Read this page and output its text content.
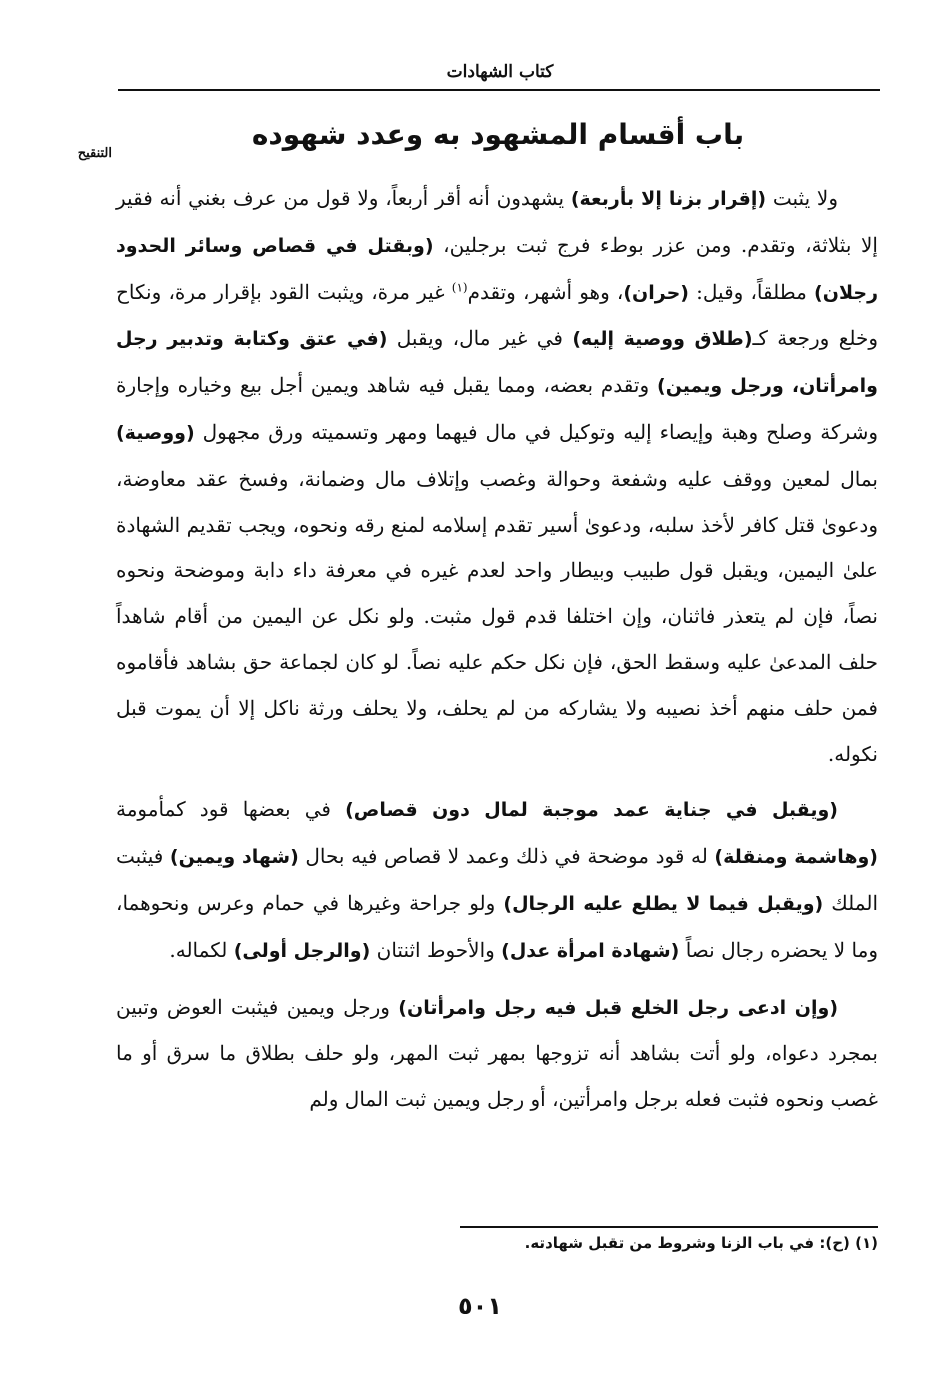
كتاب الشهادات
التنقيح
باب أقسام المشهود به وعدد شهوده

ولا يثبت (إقرار بزنا إلا بأربعة) يشهدون أنه أقر أربعاً، ولا قول من عرف بغني أنه فقير إلا بثلاثة، وتقدم. ومن عزر بوطء فرج ثبت برجلين، (وبقتل في قصاص وسائر الحدود رجلان) مطلقاً، وقيل: (حران)، وهو أشهر، وتقدم$^{(١)}$ غير مرة، ويثبت القود بإقرار مرة، ونكاح وخلع ورجعة كـ(طلاق ووصية إليه) في غير مال، ويقبل (في عتق وكتابة وتدبير رجل وامرأتان، ورجل ويمين) وتقدم بعضه، ومما يقبل فيه شاهد ويمين أجل بيع وخياره وإجارة وشركة وصلح وهبة وإيصاء إليه وتوكيل في مال فيهما ومهر وتسميته ورق مجهول (ووصية) بمال لمعين ووقف عليه وشفعة وحوالة وغصب وإتلاف مال وضمانة، وفسخ عقد معاوضة، ودعوىٰ قتل كافر لأخذ سلبه، ودعوىٰ أسير تقدم إسلامه لمنع رقه ونحوه، ويجب تقديم الشهادة علىٰ اليمين، ويقبل قول طبيب وبيطار واحد لعدم غيره في معرفة داء دابة وموضحة ونحوه نصاً، فإن لم يتعذر فاثنان، وإن اختلفا قدم قول مثبت. ولو نكل عن اليمين من أقام شاهداً حلف المدعىٰ عليه وسقط الحق، فإن نكل حكم عليه نصاً. لو كان لجماعة حق بشاهد فأقاموه فمن حلف منهم أخذ نصيبه ولا يشاركه من لم يحلف، ولا يحلف ورثة ناكل إلا أن يموت قبل نكوله.

(ويقبل في جناية عمد موجبة لمال دون قصاص) في بعضها قود كمأمومة (وهاشمة ومنقلة) له قود موضحة في ذلك وعمد لا قصاص فيه بحال (شهاد ويمين) فيثبت الملك (ويقبل فيما لا يطلع عليه الرجال) ولو جراحة وغيرها في حمام وعرس ونحوهما، وما لا يحضره رجال نصاً (شهادة امرأة عدل) والأحوط اثنتان (والرجل أولى) لكماله.

(وإن ادعى رجل الخلع قبل فيه رجل وامرأتان) ورجل ويمين فيثبت العوض وتبين بمجرد دعواه، ولو أتت بشاهد أنه تزوجها بمهر ثبت المهر، ولو حلف بطلاق ما سرق أو ما غصب ونحوه فثبت فعله برجل وامرأتين، أو رجل ويمين ثبت المال ولم

(١) (ح): في باب الزنا وشروط من تقبل شهادته.
٥٠١
